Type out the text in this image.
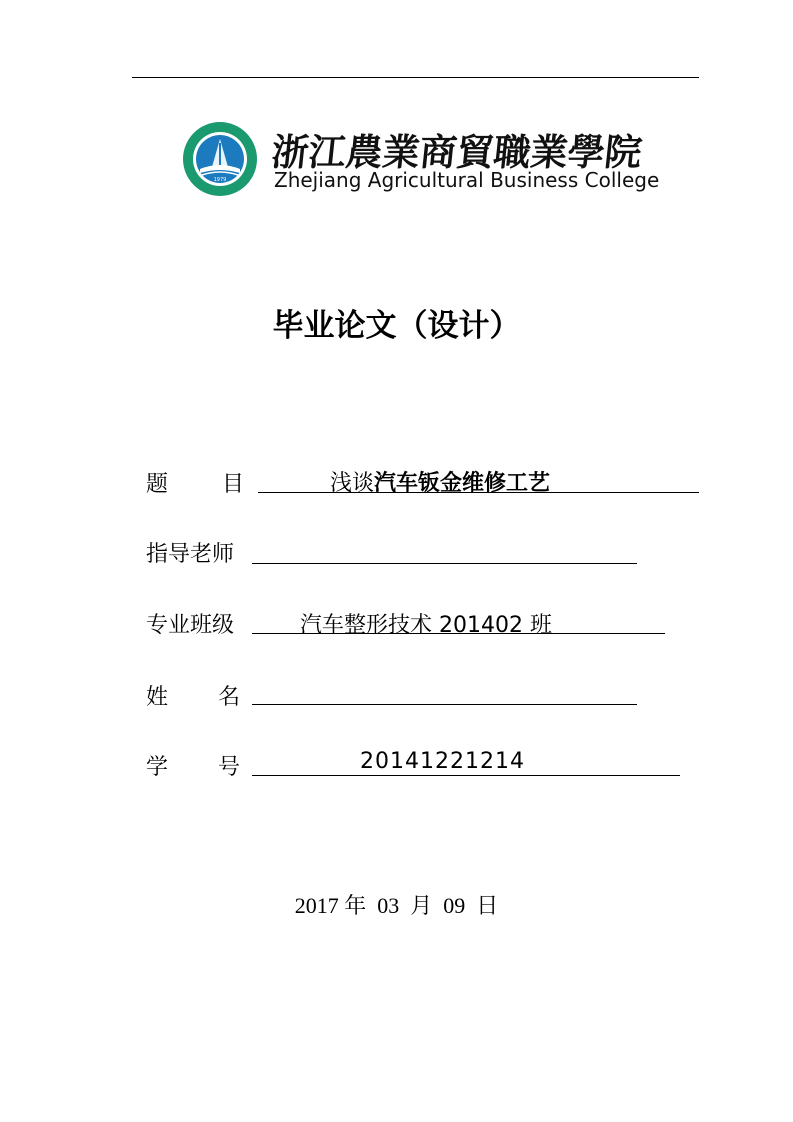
1979
浙江農業商貿職業學院
Zhejiang Agricultural Business College
毕业论文（设计）
题 目	浅谈汽车钣金维修工艺
指导老师
专业班级	汽车整形技术 201402 班
姓 名
学 号	20141221214
2017 年 03 月 09 日
